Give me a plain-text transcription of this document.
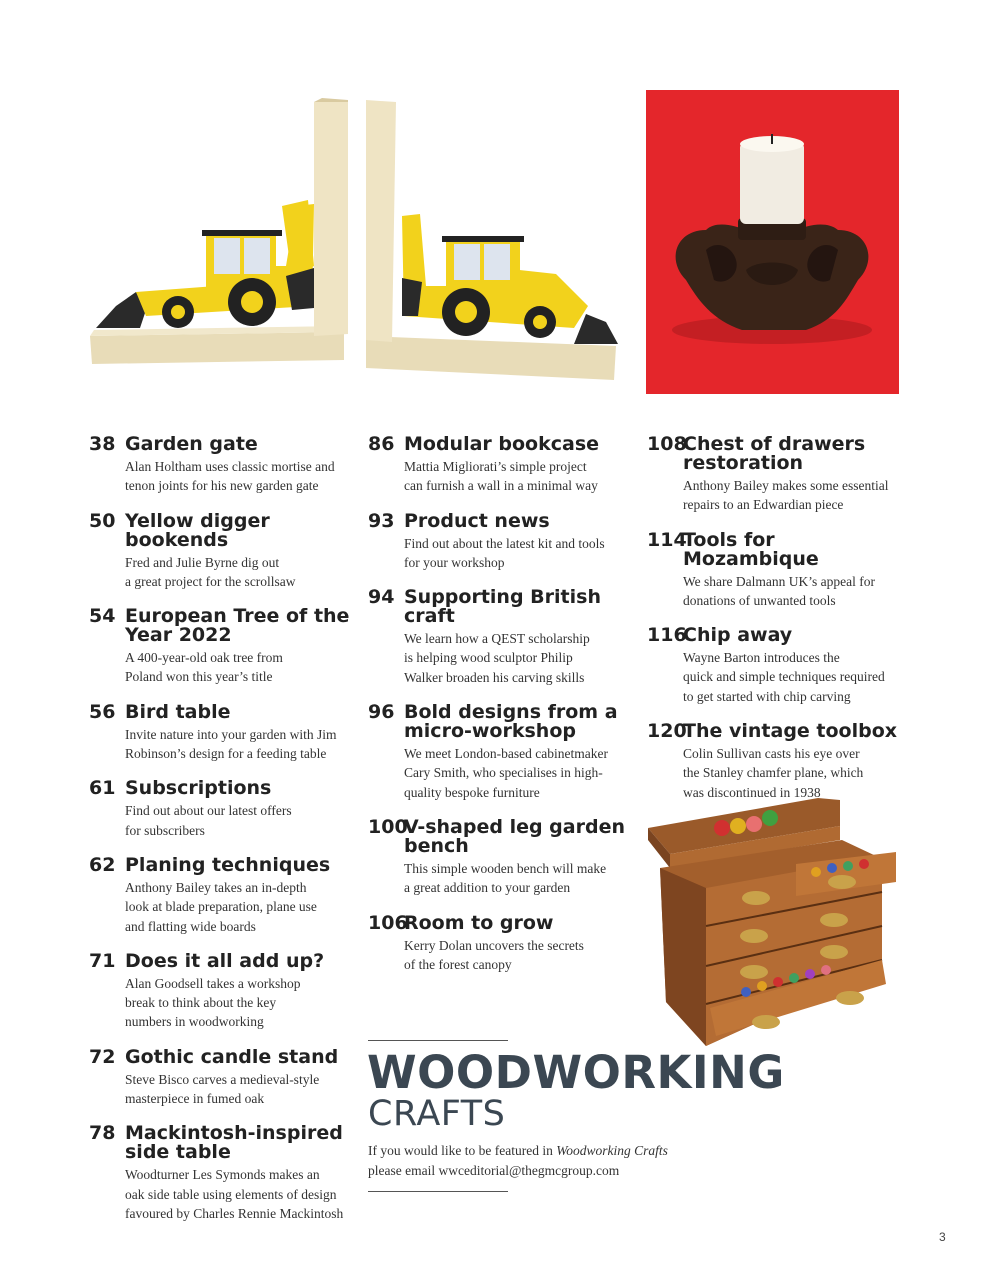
38 Garden gate
Alan Holtham uses classic mortise and
tenon joints for his new garden gate
50 Yellow digger bookends
Fred and Julie Byrne dig out
a great project for the scrollsaw
54 European Tree of the
Year 2022
A 400-year-old oak tree from
Poland won this year’s title
56 Bird table
Invite nature into your garden with Jim
Robinson’s design for a feeding table
61 Subscriptions
Find out about our latest offers
for subscribers
62 Planing techniques
Anthony Bailey takes an in-depth
look at blade preparation, plane use
and flatting wide boards
71 Does it all add up?
Alan Goodsell takes a workshop
break to think about the key
numbers in woodworking
72 Gothic candle stand
Steve Bisco carves a medieval-style
masterpiece in fumed oak
78 Mackintosh-inspired
side table
Woodturner Les Symonds makes an
oak side table using elements of design
favoured by Charles Rennie Mackintosh
86 Modular bookcase
Mattia Migliorati’s simple project
can furnish a wall in a minimal way
93 Product news
Find out about the latest kit and tools
for your workshop
94 Supporting British craft
We learn how a QEST scholarship
is helping wood sculptor Philip
Walker broaden his carving skills
96 Bold designs from a
micro-workshop
We meet London-based cabinetmaker
Cary Smith, who specialises in high-
quality bespoke furniture
100
V-shaped leg garden
bench
This simple wooden bench will make
a great addition to your garden
106
Room to grow
Kerry Dolan uncovers the secrets
of the forest canopy
108
Chest of drawers
restoration
Anthony Bailey makes some essential
repairs to an Edwardian piece
114
Tools for Mozambique
We share Dalmann UK’s appeal for
donations of unwanted tools
116
Chip away
Wayne Barton introduces the
quick and simple techniques required
to get started with chip carving
120
The vintage toolbox
Colin Sullivan casts his eye over
the Stanley chamfer plane, which
was discontinued in 1938
WOODWORKING
CRAFTS
If you would like to be featured in Woodworking Crafts
please email wwceditorial@thegmcgroup.com
3
